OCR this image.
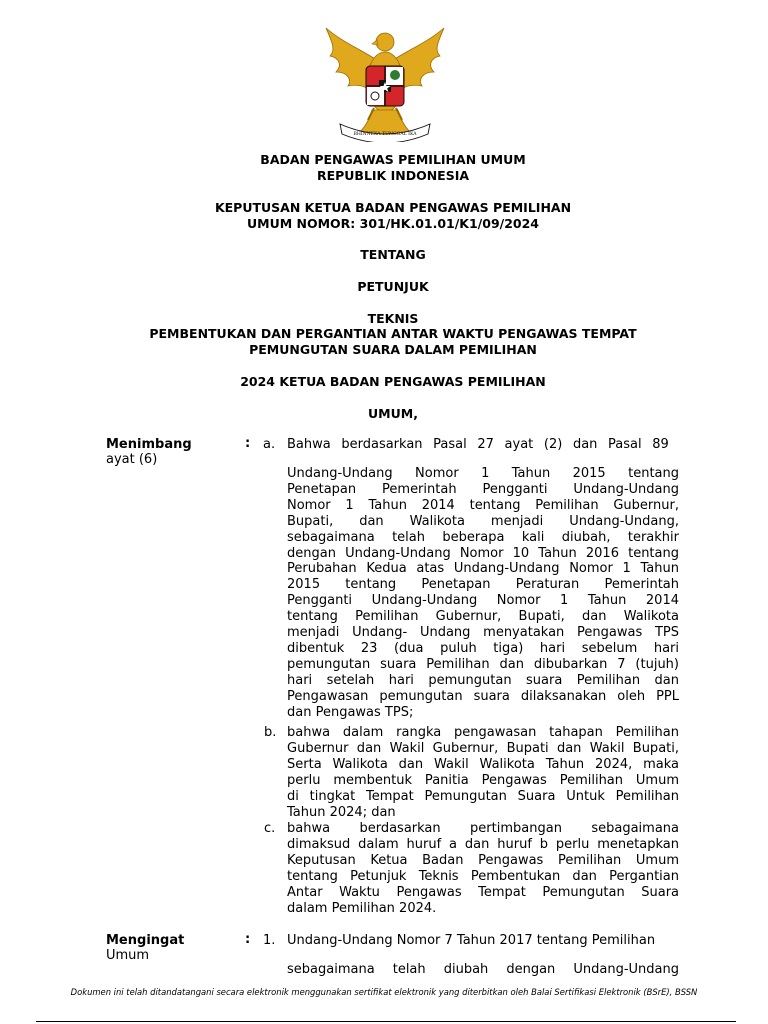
BHINNEKA TUNGGAL IKA
BADAN PENGAWAS PEMILIHAN UMUM
REPUBLIK INDONESIA
KEPUTUSAN KETUA BADAN PENGAWAS PEMILIHAN
UMUM NOMOR: 301/HK.01.01/K1/09/2024
TENTANG
PETUNJUK
TEKNIS
PEMBENTUKAN DAN PERGANTIAN ANTAR WAKTU PENGAWAS TEMPAT
PEMUNGUTAN SUARA DALAM PEMILIHAN
2024 KETUA BADAN PENGAWAS PEMILIHAN
UMUM,
Menimbang
ayat (6)
: a. Bahwa berdasarkan Pasal 27 ayat (2) dan Pasal 89
Undang-Undang Nomor 1 Tahun 2015 tentang
Penetapan Pemerintah Pengganti Undang-Undang
Nomor 1 Tahun 2014 tentang Pemilihan Gubernur,
Bupati, dan Walikota menjadi Undang-Undang,
sebagaimana telah beberapa kali diubah, terakhir
dengan Undang-Undang Nomor 10 Tahun 2016 tentang
Perubahan Kedua atas Undang-Undang Nomor 1 Tahun
2015 tentang Penetapan Peraturan Pemerintah
Pengganti Undang-Undang Nomor 1 Tahun 2014
tentang Pemilihan Gubernur, Bupati, dan Walikota
menjadi Undang- Undang menyatakan Pengawas TPS
dibentuk 23 (dua puluh tiga) hari sebelum hari
pemungutan suara Pemilihan dan dibubarkan 7 (tujuh)
hari setelah hari pemungutan suara Pemilihan dan
Pengawasan pemungutan suara dilaksanakan oleh PPL
dan Pengawas TPS;
b. bahwa dalam rangka pengawasan tahapan Pemilihan
Gubernur dan Wakil Gubernur, Bupati dan Wakil Bupati,
Serta Walikota dan Wakil Walikota Tahun 2024, maka
perlu membentuk Panitia Pengawas Pemilihan Umum
di tingkat Tempat Pemungutan Suara Untuk Pemilihan
Tahun 2024; dan
c. bahwa berdasarkan pertimbangan sebagaimana
dimaksud dalam huruf a dan huruf b perlu menetapkan
Keputusan Ketua Badan Pengawas Pemilihan Umum
tentang Petunjuk Teknis Pembentukan dan Pergantian
Antar Waktu Pengawas Tempat Pemungutan Suara
dalam Pemilihan 2024.
Mengingat
Umum
: 1. Undang-Undang Nomor 7 Tahun 2017 tentang Pemilihan
sebagaimana telah diubah dengan Undang-Undang
Dokumen ini telah ditandatangani secara elektronik menggunakan sertifikat elektronik yang diterbitkan oleh Balai Sertifikasi Elektronik (BSrE), BSSN
